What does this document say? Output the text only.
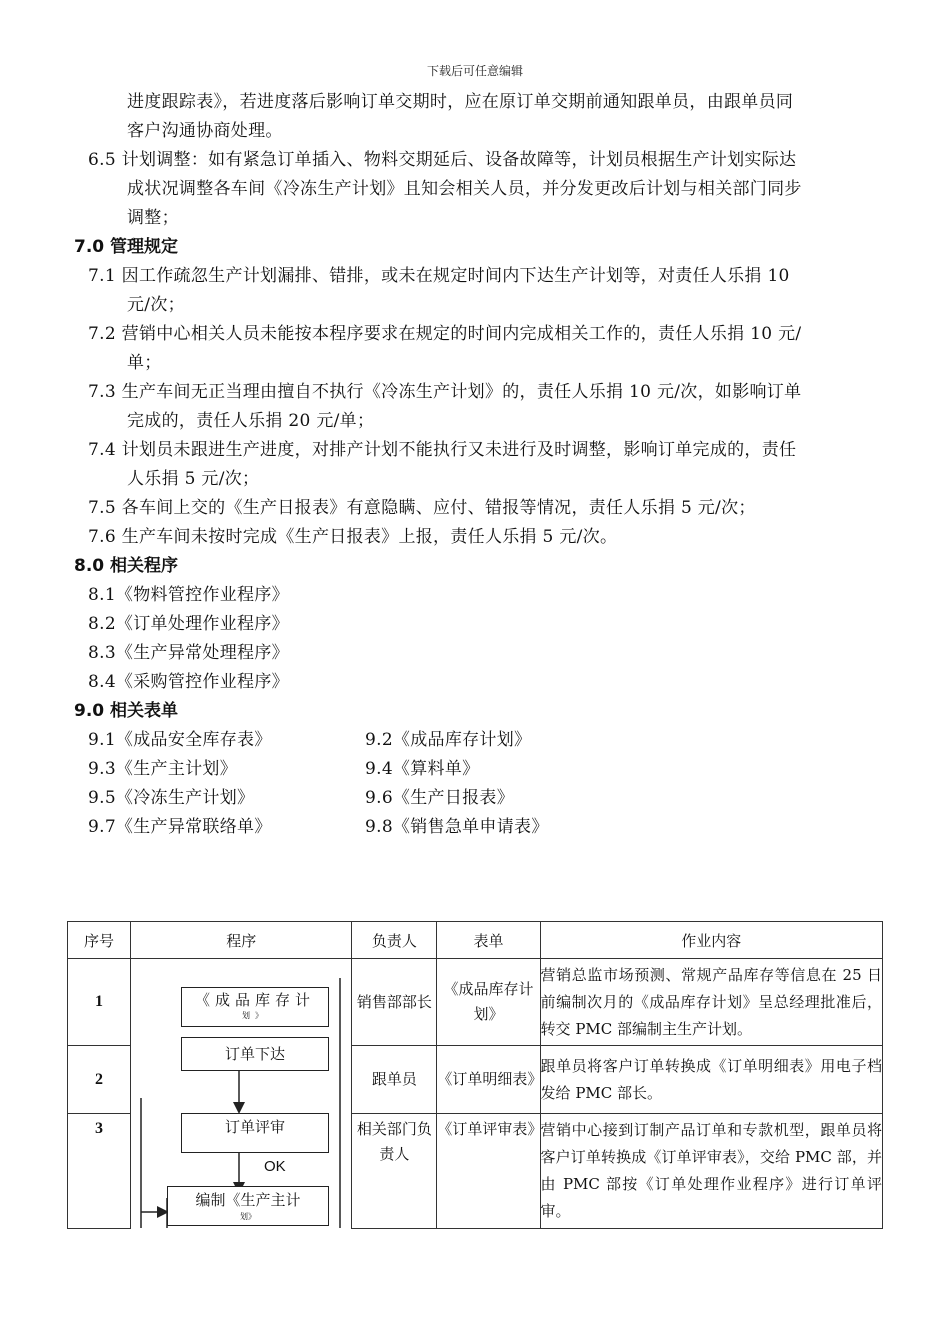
下载后可任意编辑
进度跟踪表》，若进度落后影响订单交期时，应在原订单交期前通知跟单员，由跟单员同
客户沟通协商处理。
6.5 计划调整：如有紧急订单插入、物料交期延后、设备故障等，计划员根据生产计划实际达
成状况调整各车间《冷冻生产计划》且知会相关人员，并分发更改后计划与相关部门同步
调整；
7.0 管理规定
7.1 因工作疏忽生产计划漏排、错排，或未在规定时间内下达生产计划等，对责任人乐捐 10
元/次；
7.2 营销中心相关人员未能按本程序要求在规定的时间内完成相关工作的，责任人乐捐 10 元/
单；
7.3 生产车间无正当理由擅自不执行《冷冻生产计划》的，责任人乐捐 10 元/次，如影响订单
完成的，责任人乐捐 20 元/单；
7.4 计划员未跟进生产进度，对排产计划不能执行又未进行及时调整，影响订单完成的，责任
人乐捐 5 元/次；
7.5 各车间上交的《生产日报表》有意隐瞒、应付、错报等情况，责任人乐捐 5 元/次；
7.6 生产车间未按时完成《生产日报表》上报，责任人乐捐 5 元/次。
8.0 相关程序
8.1《物料管控作业程序》
8.2《订单处理作业程序》
8.3《生产异常处理程序》
8.4《采购管控作业程序》
9.0 相关表单
9.1《成品安全库存表》	9.2《成品库存计划》
9.3《生产主计划》	9.4《算料单》
9.5《冷冻生产计划》	9.6《生产日报表》
9.7《生产异常联络单》	9.8《销售急单申请表》
序号	程序	负责人	表单	作业内容
1		销售部部长	《成品库存计划》	营销总监市场预测、常规产品库存等信息在 25 日前编制次月的《成品库存计划》呈总经理批准后，转交 PMC 部编制主生产计划。
2		跟单员	《订单明细表》	跟单员将客户订单转换成《订单明细表》用电子档发给 PMC 部长。
3		相关部门负责人	《订单评审表》	营销中心接到订制产品订单和专款机型，跟单员将客户订单转换成《订单评审表》，交给 PMC 部，并由 PMC 部按《订单处理作业程序》进行订单评审。
《成品库存计
划》
订单下达
订单评审
OK
编制《生产主计
划》
